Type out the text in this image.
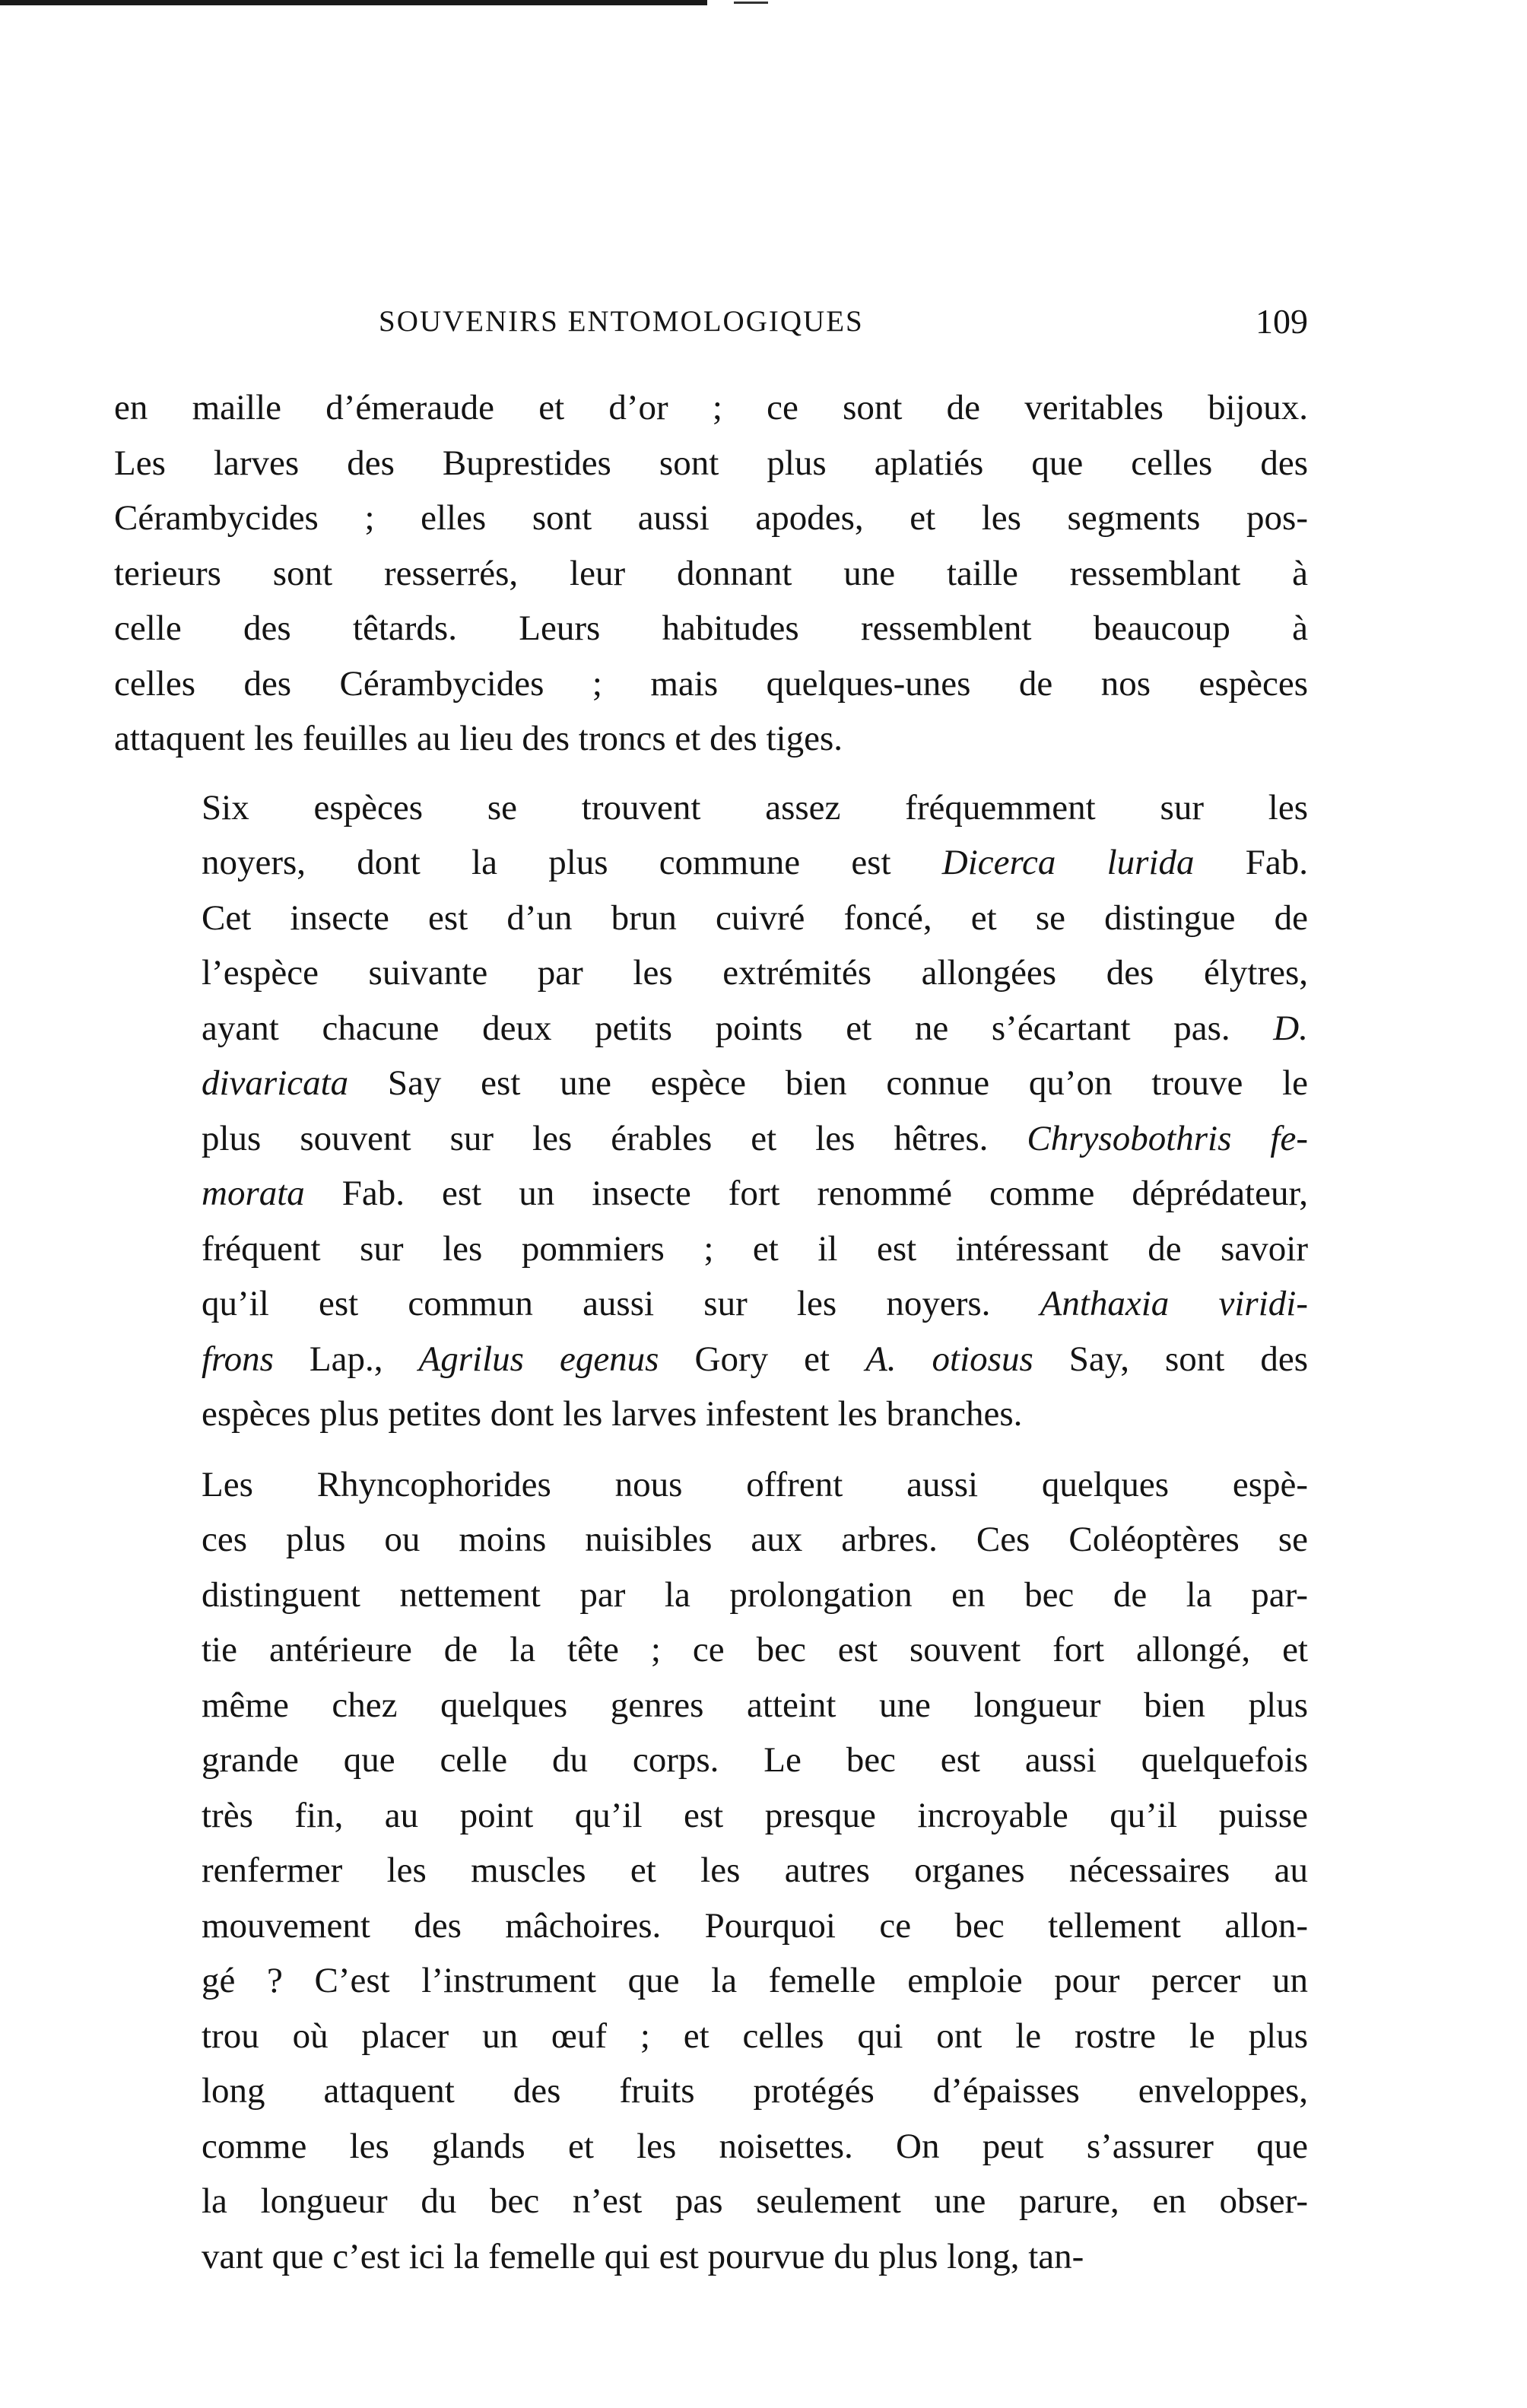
SOUVENIRS ENTOMOLOGIQUES	109
en maille d’émeraude et d’or ; ce sont de veritables bijoux.
Les larves des Buprestides sont plus aplatiés que celles des
Cérambycides ; elles sont aussi apodes, et les segments pos-
terieurs sont resserrés, leur donnant une taille ressemblant à
celle des têtards. Leurs habitudes ressemblent beaucoup à
celles des Cérambycides ; mais quelques-unes de nos espèces
attaquent les feuilles au lieu des troncs et des tiges.
Six espèces se trouvent assez fréquemment sur les
noyers, dont la plus commune est Dicerca lurida Fab.
Cet insecte est d’un brun cuivré foncé, et se distingue de
l’espèce suivante par les extrémités allongées des élytres,
ayant chacune deux petits points et ne s’écartant pas. D.
divaricata Say est une espèce bien connue qu’on trouve le
plus souvent sur les érables et les hêtres. Chrysobothris fe-
morata Fab. est un insecte fort renommé comme déprédateur,
fréquent sur les pommiers ; et il est intéressant de savoir
qu’il est commun aussi sur les noyers. Anthaxia viridi-
frons Lap., Agrilus egenus Gory et A. otiosus Say, sont des
espèces plus petites dont les larves infestent les branches.
Les Rhyncophorides nous offrent aussi quelques espè-
ces plus ou moins nuisibles aux arbres. Ces Coléoptères se
distinguent nettement par la prolongation en bec de la par-
tie antérieure de la tête ; ce bec est souvent fort allongé, et
même chez quelques genres atteint une longueur bien plus
grande que celle du corps. Le bec est aussi quelquefois
très fin, au point qu’il est presque incroyable qu’il puisse
renfermer les muscles et les autres organes nécessaires au
mouvement des mâchoires. Pourquoi ce bec tellement allon-
gé ? C’est l’instrument que la femelle emploie pour percer un
trou où placer un œuf ; et celles qui ont le rostre le plus
long attaquent des fruits protégés d’épaisses enveloppes,
comme les glands et les noisettes. On peut s’assurer que
la longueur du bec n’est pas seulement une parure, en obser-
vant que c’est ici la femelle qui est pourvue du plus long, tan-
